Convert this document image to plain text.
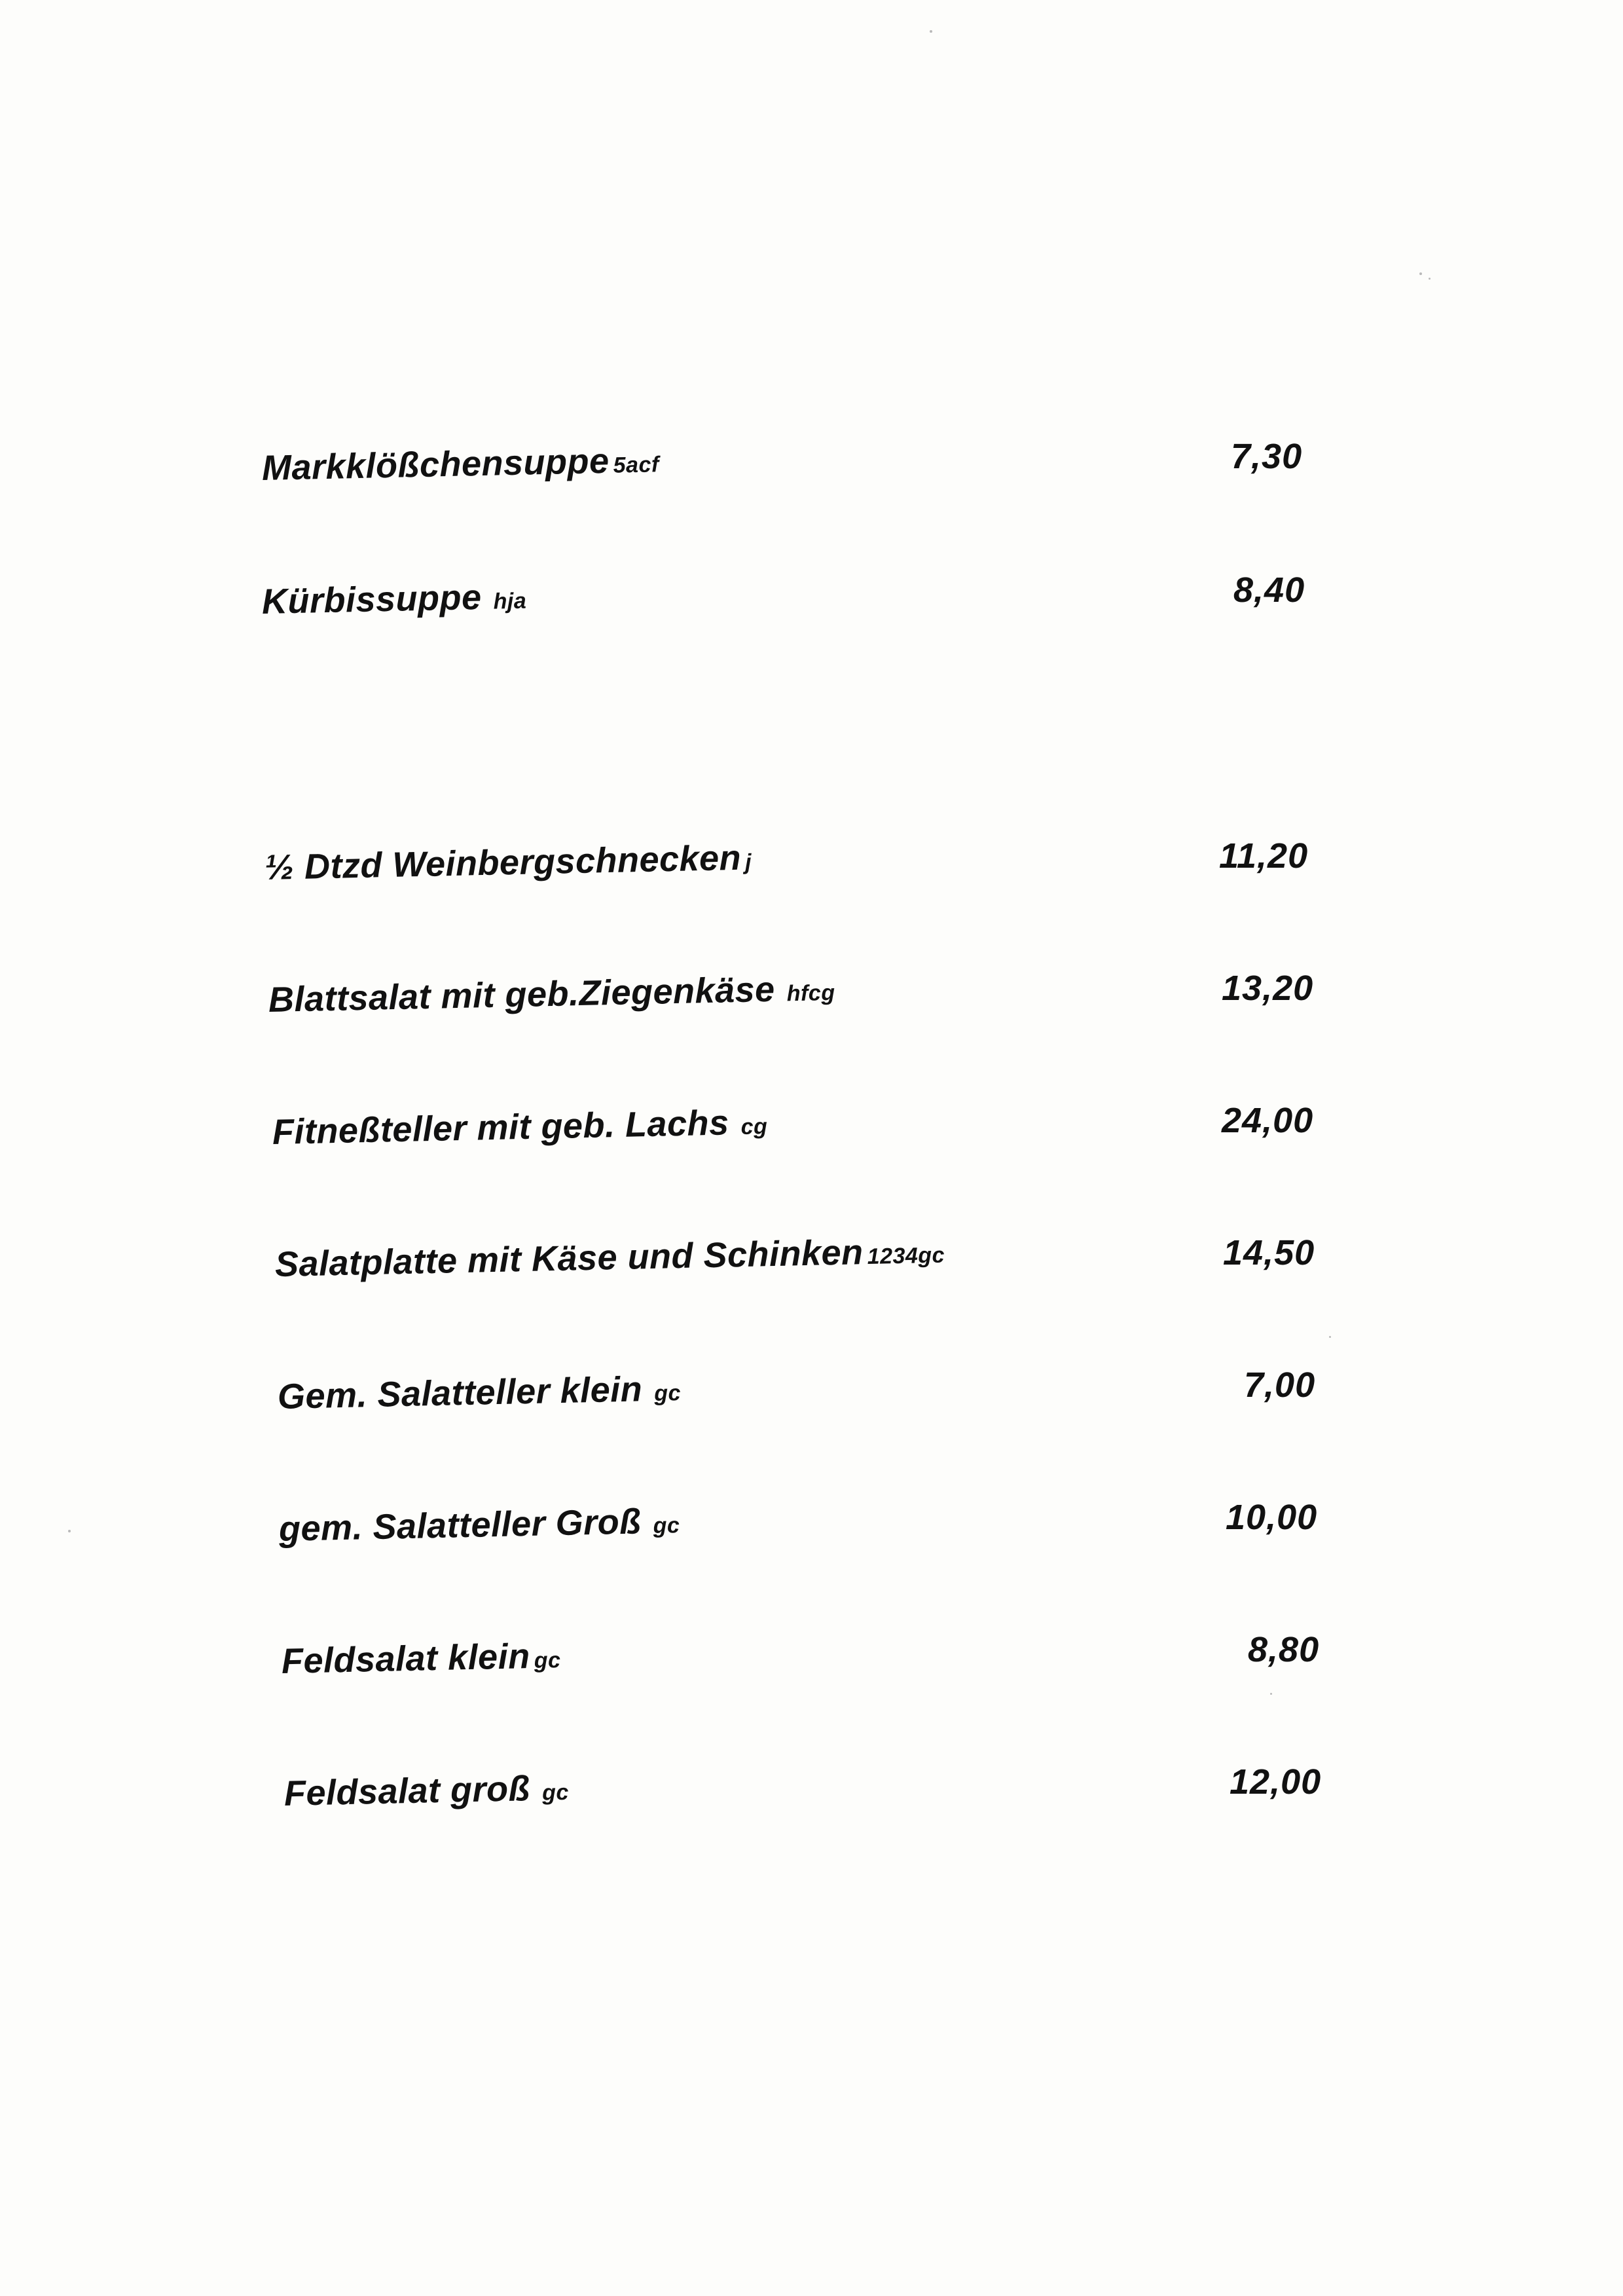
Markklößchensuppe 5acf	7,30
Kürbissuppe hja	8,40
½ Dtzd Weinbergschnecken j	11,20
Blattsalat mit geb.Ziegenkäse hfcg	13,20
Fitneßteller mit geb. Lachs cg	24,00
Salatplatte mit Käse und Schinken 1234gc	14,50
Gem. Salatteller klein gc	7,00
gem. Salatteller Groß gc	10,00
Feldsalat klein gc	8,80
Feldsalat groß gc	12,00
